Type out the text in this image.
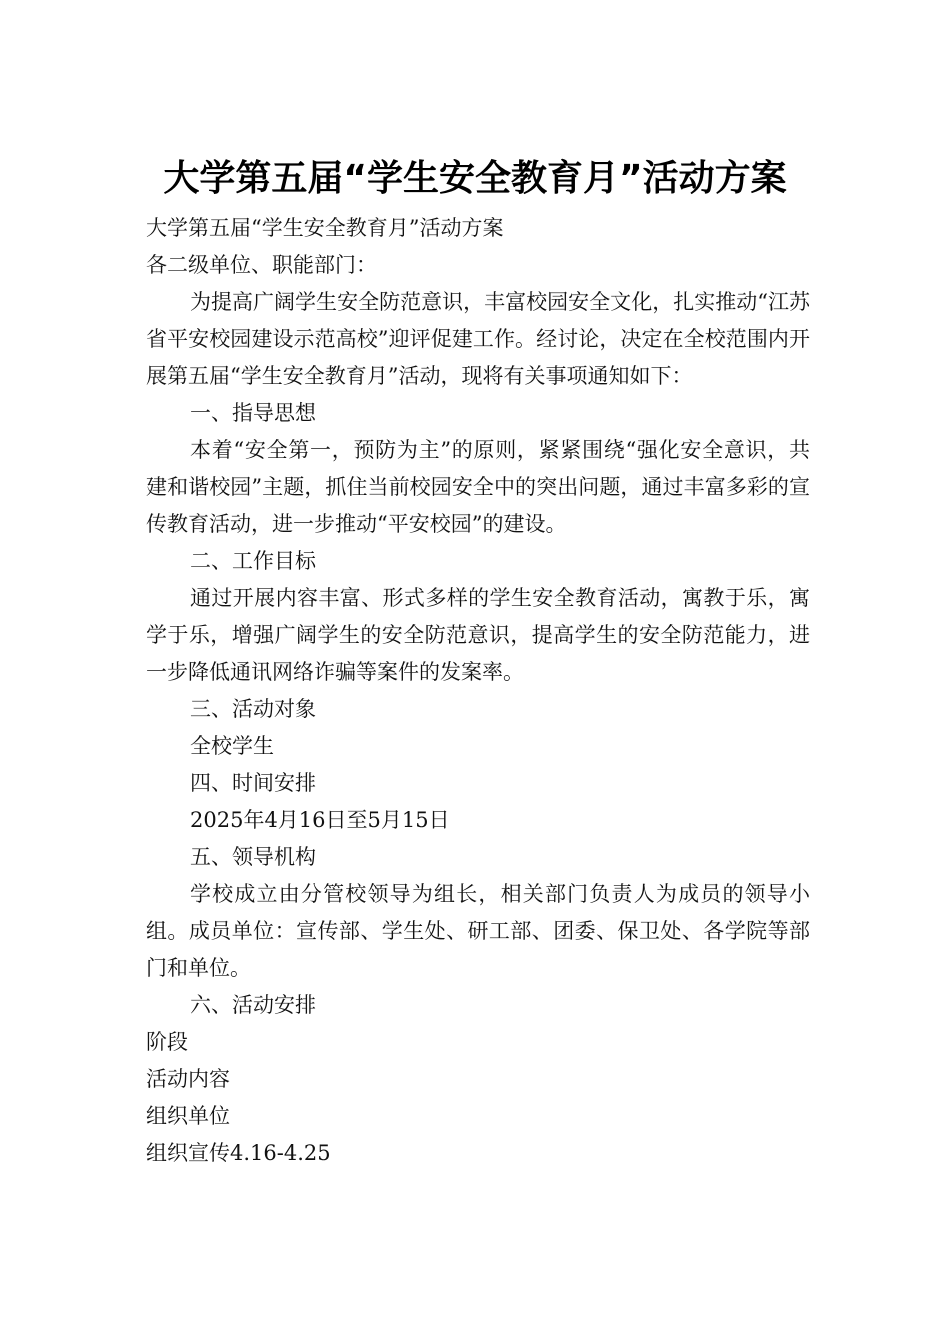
大学第五届“学生安全教育月”活动方案

大学第五届“学生安全教育月”活动方案

各二级单位、职能部门：

为提高广阔学生安全防范意识，丰富校园安全文化，扎实推动“江苏省平安校园建设示范高校”迎评促建工作。经讨论，决定在全校范围内开展第五届“学生安全教育月”活动，现将有关事项通知如下：

一、指导思想

本着“安全第一，预防为主”的原则，紧紧围绕“强化安全意识，共建和谐校园”主题，抓住当前校园安全中的突出问题，通过丰富多彩的宣传教育活动，进一步推动“平安校园”的建设。

二、工作目标

通过开展内容丰富、形式多样的学生安全教育活动，寓教于乐，寓学于乐，增强广阔学生的安全防范意识，提高学生的安全防范能力，进一步降低通讯网络诈骗等案件的发案率。

三、活动对象

全校学生

四、时间安排

2025年4月16日至5月15日

五、领导机构

学校成立由分管校领导为组长，相关部门负责人为成员的领导小组。成员单位：宣传部、学生处、研工部、团委、保卫处、各学院等部门和单位。

六、活动安排

阶段

活动内容

组织单位

组织宣传4.16-4.25
